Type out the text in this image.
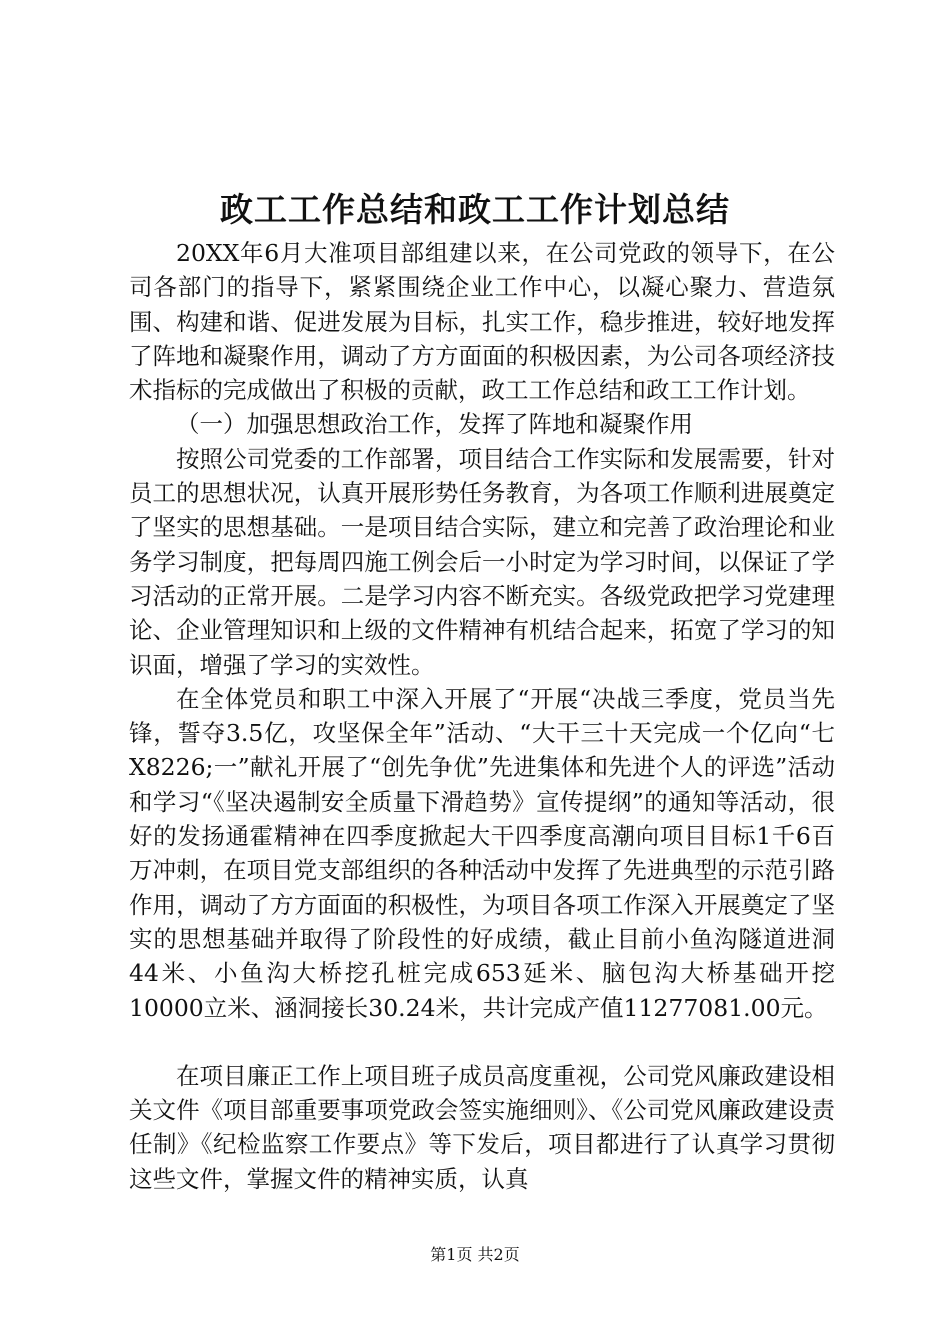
政工工作总结和政工工作计划总结

20XX年6月大准项目部组建以来，在公司党政的领导下，在公司各部门的指导下，紧紧围绕企业工作中心，以凝心聚力、营造氛围、构建和谐、促进发展为目标，扎实工作，稳步推进，较好地发挥了阵地和凝聚作用，调动了方方面面的积极因素，为公司各项经济技术指标的完成做出了积极的贡献，政工工作总结和政工工作计划。

（一）加强思想政治工作，发挥了阵地和凝聚作用

按照公司党委的工作部署，项目结合工作实际和发展需要，针对员工的思想状况，认真开展形势任务教育，为各项工作顺利进展奠定了坚实的思想基础。一是项目结合实际，建立和完善了政治理论和业务学习制度，把每周四施工例会后一小时定为学习时间，以保证了学习活动的正常开展。二是学习内容不断充实。各级党政把学习党建理论、企业管理知识和上级的文件精神有机结合起来，拓宽了学习的知识面，增强了学习的实效性。

在全体党员和职工中深入开展了“开展“决战三季度，党员当先锋，誓夺3.5亿，攻坚保全年”活动、“大干三十天完成一个亿向“七X8226;一”献礼开展了“创先争优”先进集体和先进个人的评选”活动和学习“《坚决遏制安全质量下滑趋势》宣传提纲”的通知等活动，很好的发扬通霍精神在四季度掀起大干四季度高潮向项目目标1千6百万冲刺，在项目党支部组织的各种活动中发挥了先进典型的示范引路作用，调动了方方面面的积极性，为项目各项工作深入开展奠定了坚实的思想基础并取得了阶段性的好成绩，截止目前小鱼沟隧道进洞44米、小鱼沟大桥挖孔桩完成653延米、脑包沟大桥基础开挖10000立米、涵洞接长30.24米，共计完成产值11277081.00元。

在项目廉正工作上项目班子成员高度重视，公司党风廉政建设相关文件《项目部重要事项党政会签实施细则》、《公司党风廉政建设责任制》《纪检监察工作要点》等下发后，项目都进行了认真学习贯彻这些文件，掌握文件的精神实质，认真

第1页 共2页
